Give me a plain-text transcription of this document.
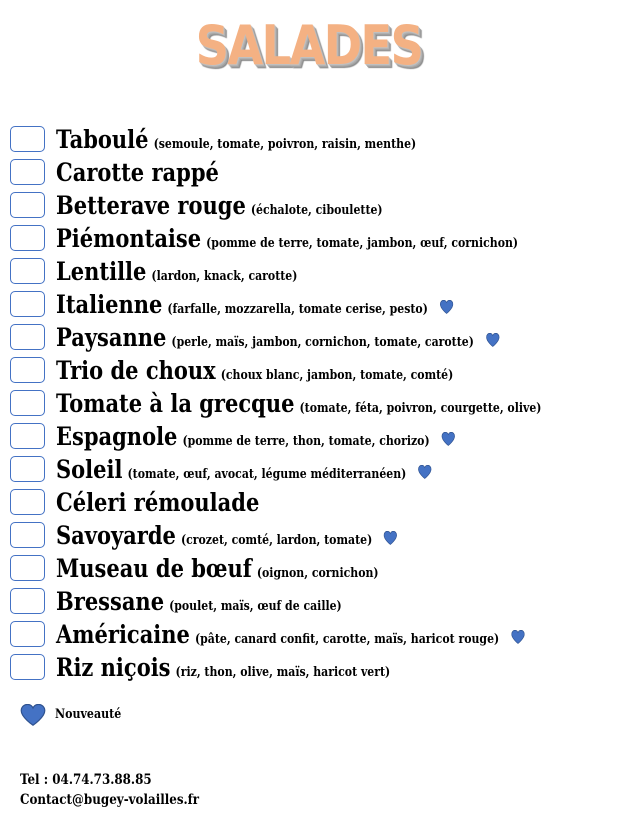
SALADES
Taboulé (semoule, tomate, poivron, raisin, menthe)
Carotte rappé
Betterave rouge (échalote, ciboulette)
Piémontaise (pomme de terre, tomate, jambon, œuf, cornichon)
Lentille (lardon, knack, carotte)
Italienne (farfalle, mozzarella, tomate cerise, pesto)
Paysanne (perle, maïs, jambon, cornichon, tomate, carotte)
Trio de choux (choux blanc, jambon, tomate, comté)
Tomate à la grecque (tomate, féta, poivron, courgette, olive)
Espagnole (pomme de terre, thon, tomate, chorizo)
Soleil (tomate, œuf, avocat, légume méditerranéen)
Céleri rémoulade
Savoyarde (crozet, comté, lardon, tomate)
Museau de bœuf (oignon, cornichon)
Bressane (poulet, maïs, œuf de caille)
Américaine (pâte, canard confit, carotte, maïs, haricot rouge)
Riz niçois (riz, thon, olive, maïs, haricot vert)
Nouveauté
Tel : 04.74.73.88.85
Contact@bugey-volailles.fr
